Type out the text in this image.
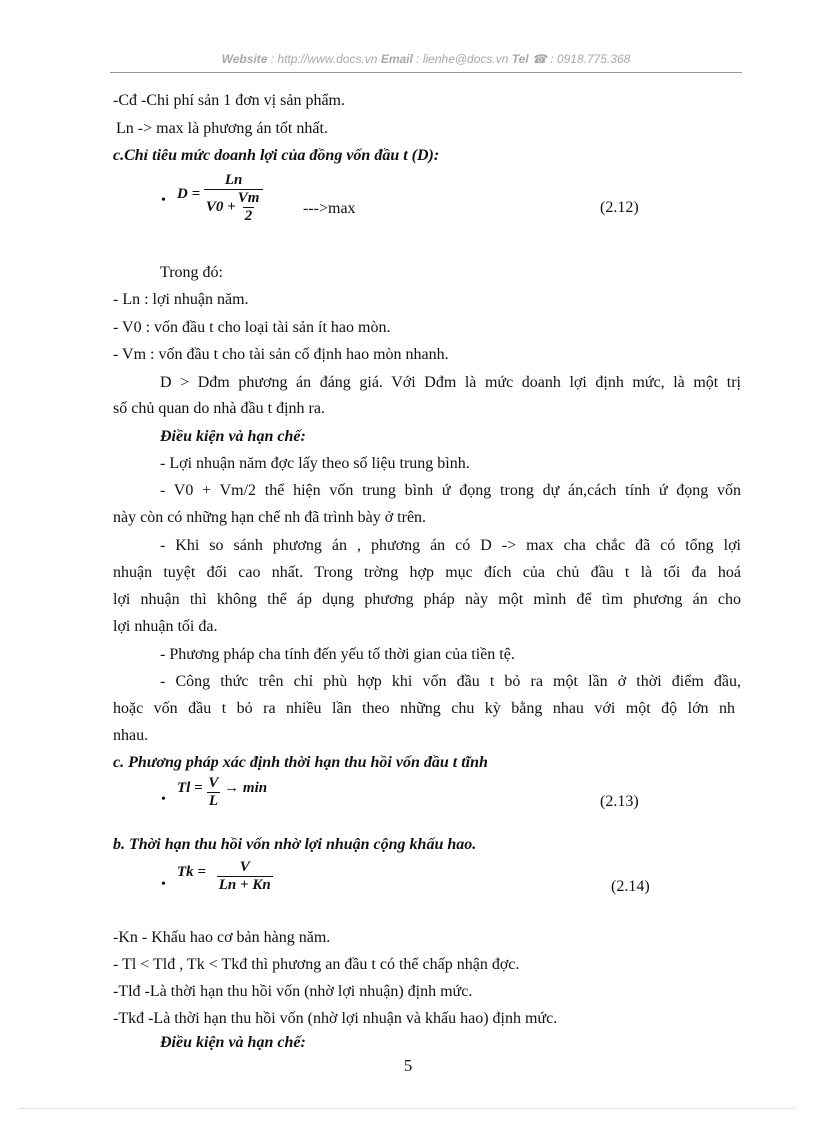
Website : http://www.docs.vn Email : lienhe@docs.vn Tel ☎ : 0918.775.368
-Cđ -Chi phí sản 1 đơn vị sản phẩm.
Ln -> max là phương án tốt nhất.
c.Chỉ tiêu mức doanh lợi của đồng vốn đầu t (D):
• $D = \frac{Ln}{V0 + \frac{Vm}{2}} --->\max$	(2.12)
Trong đó:
- Ln : lợi nhuận năm.
- V0 : vốn đầu t cho loại tài sản ít hao mòn.
- Vm : vốn đầu t cho tài sản cố định hao mòn nhanh.
D > Dđm phương án đáng giá. Với Dđm là mức doanh lợi định mức, là một trị
số chủ quan do nhà đầu t định ra.
Điều kiện và hạn chế:
- Lợi nhuận năm đợc lấy theo số liệu trung bình.
- V0 + Vm/2 thể hiện vốn trung bình ứ đọng trong dự án,cách tính ứ đọng vốn
này còn có những hạn chế nh đã trình bày ở trên.
- Khi so sánh phương án , phương án có D -> max cha chắc đã có tổng lợi
nhuận tuyệt đối cao nhất. Trong trờng hợp mục đích của chủ đầu t là tối đa hoá
lợi nhuận thì không thể áp dụng phương pháp này một mình để tìm phương án cho
lợi nhuận tối đa.
- Phương pháp cha tính đến yếu tố thời gian của tiền tệ.
- Công thức trên chỉ phù hợp khi vốn đầu t bỏ ra một lần ở thời điểm đầu,
hoặc vốn đầu t bỏ ra nhiều lần theo những chu kỳ bằng nhau với một độ lớn nh
nhau.
c. Phương pháp xác định thời hạn thu hồi vốn đầu t tĩnh
•
$Tl = \frac{V}{L} \to \min$
(2.13)
b. Thời hạn thu hồi vốn nhờ lợi nhuận cộng khấu hao.
•
$Tk = \frac{V}{Ln + Kn}$	(2.14)
-Kn - Khấu hao cơ bản hàng năm.
- Tl < Tlđ , Tk < Tkđ thì phương an đầu t có thể chấp nhận đợc.
-Tlđ -Là thời hạn thu hồi vốn (nhờ lợi nhuận) định mức.
-Tkđ -Là thời hạn thu hồi vốn (nhờ lợi nhuận và khấu hao) định mức.
Điều kiện và hạn chế:
5
